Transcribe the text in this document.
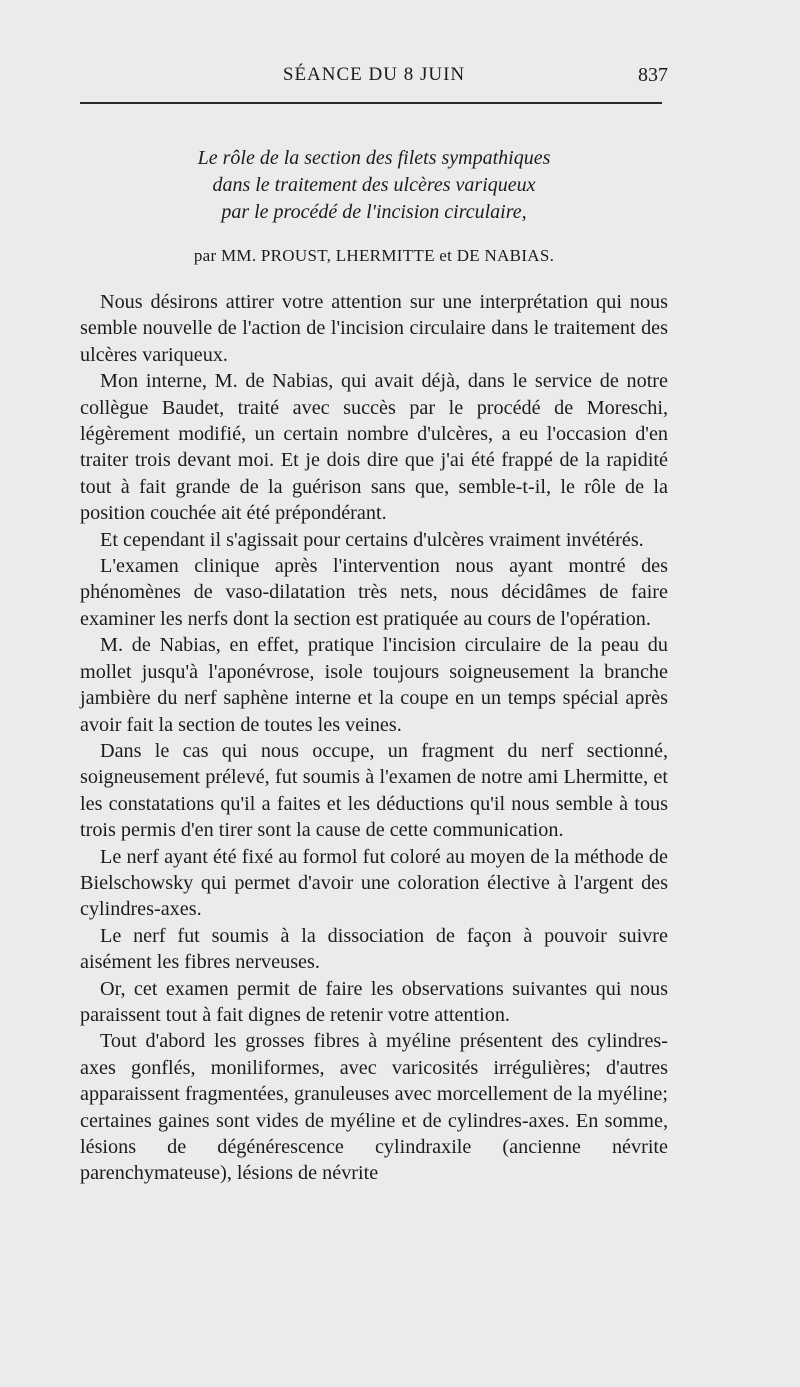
SÉANCE DU 8 JUIN	837
Le rôle de la section des filets sympathiques
dans le traitement des ulcères variqueux
par le procédé de l'incision circulaire,
par MM. PROUST, LHERMITTE et DE NABIAS.

Nous désirons attirer votre attention sur une interprétation qui nous semble nouvelle de l'action de l'incision circulaire dans le traitement des ulcères variqueux.

Mon interne, M. de Nabias, qui avait déjà, dans le service de notre collègue Baudet, traité avec succès par le procédé de Moreschi, légèrement modifié, un certain nombre d'ulcères, a eu l'occasion d'en traiter trois devant moi. Et je dois dire que j'ai été frappé de la rapidité tout à fait grande de la guérison sans que, semble-t-il, le rôle de la position couchée ait été prépondérant.

Et cependant il s'agissait pour certains d'ulcères vraiment invétérés.

L'examen clinique après l'intervention nous ayant montré des phénomènes de vaso-dilatation très nets, nous décidâmes de faire examiner les nerfs dont la section est pratiquée au cours de l'opération.

M. de Nabias, en effet, pratique l'incision circulaire de la peau du mollet jusqu'à l'aponévrose, isole toujours soigneusement la branche jambière du nerf saphène interne et la coupe en un temps spécial après avoir fait la section de toutes les veines.

Dans le cas qui nous occupe, un fragment du nerf sectionné, soigneusement prélevé, fut soumis à l'examen de notre ami Lhermitte, et les constatations qu'il a faites et les déductions qu'il nous semble à tous trois permis d'en tirer sont la cause de cette communication.

Le nerf ayant été fixé au formol fut coloré au moyen de la méthode de Bielschowsky qui permet d'avoir une coloration élective à l'argent des cylindres-axes.

Le nerf fut soumis à la dissociation de façon à pouvoir suivre aisément les fibres nerveuses.

Or, cet examen permit de faire les observations suivantes qui nous paraissent tout à fait dignes de retenir votre attention.

Tout d'abord les grosses fibres à myéline présentent des cylindres-axes gonflés, moniliformes, avec varicosités irrégulières; d'autres apparaissent fragmentées, granuleuses avec morcellement de la myéline; certaines gaines sont vides de myéline et de cylindres-axes. En somme, lésions de dégénérescence cylindraxile (ancienne névrite parenchymateuse), lésions de névrite
